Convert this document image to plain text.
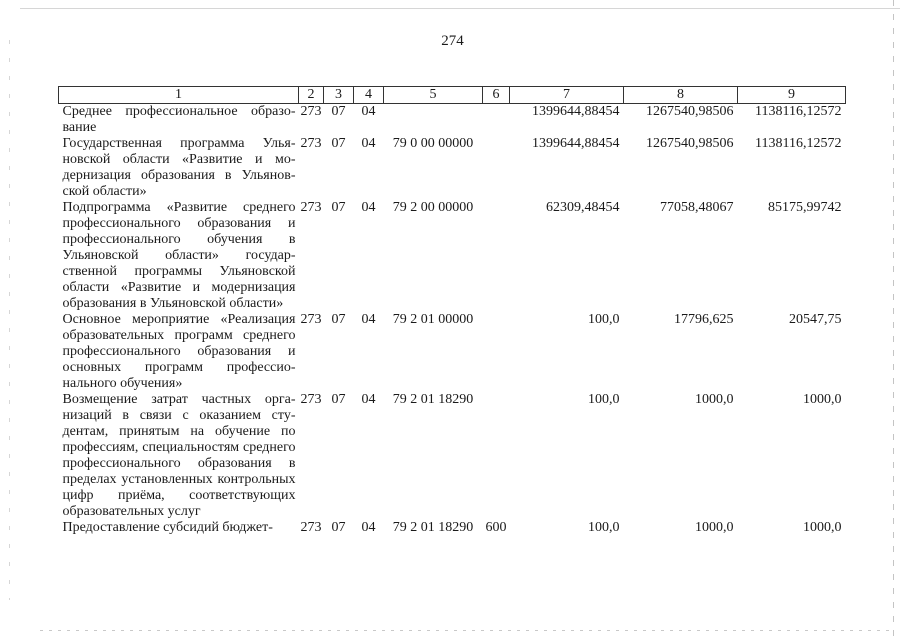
274
1	2	3	4	5	6	7	8	9
Среднее профессиональное образование	273	07	04			1399644,88454	1267540,98506	1138116,12572
Государственная программа Ульяновской области «Развитие и модернизация образования в Ульяновской области»	273	07	04	79 0 00 00000		1399644,88454	1267540,98506	1138116,12572
Подпрограмма «Развитие среднего профессионального образования и профессионального обучения в Ульяновской области» государственной программы Ульяновской области «Развитие и модернизация образования в Ульяновской области»	273	07	04	79 2 00 00000		62309,48454	77058,48067	85175,99742
Основное мероприятие «Реализация образовательных программ среднего профессионального образования и основных программ профессионального обучения»	273	07	04	79 2 01 00000		100,0	17796,625	20547,75
Возмещение затрат частных организаций в связи с оказанием студентам, принятым на обучение по профессиям, специальностям среднего профессионального образования в пределах установленных контрольных цифр приёма, соответствующих образовательных услуг	273	07	04	79 2 01 18290		100,0	1000,0	1000,0
Предоставление субсидий бюджет-	273	07	04	79 2 01 18290	600	100,0	1000,0	1000,0
